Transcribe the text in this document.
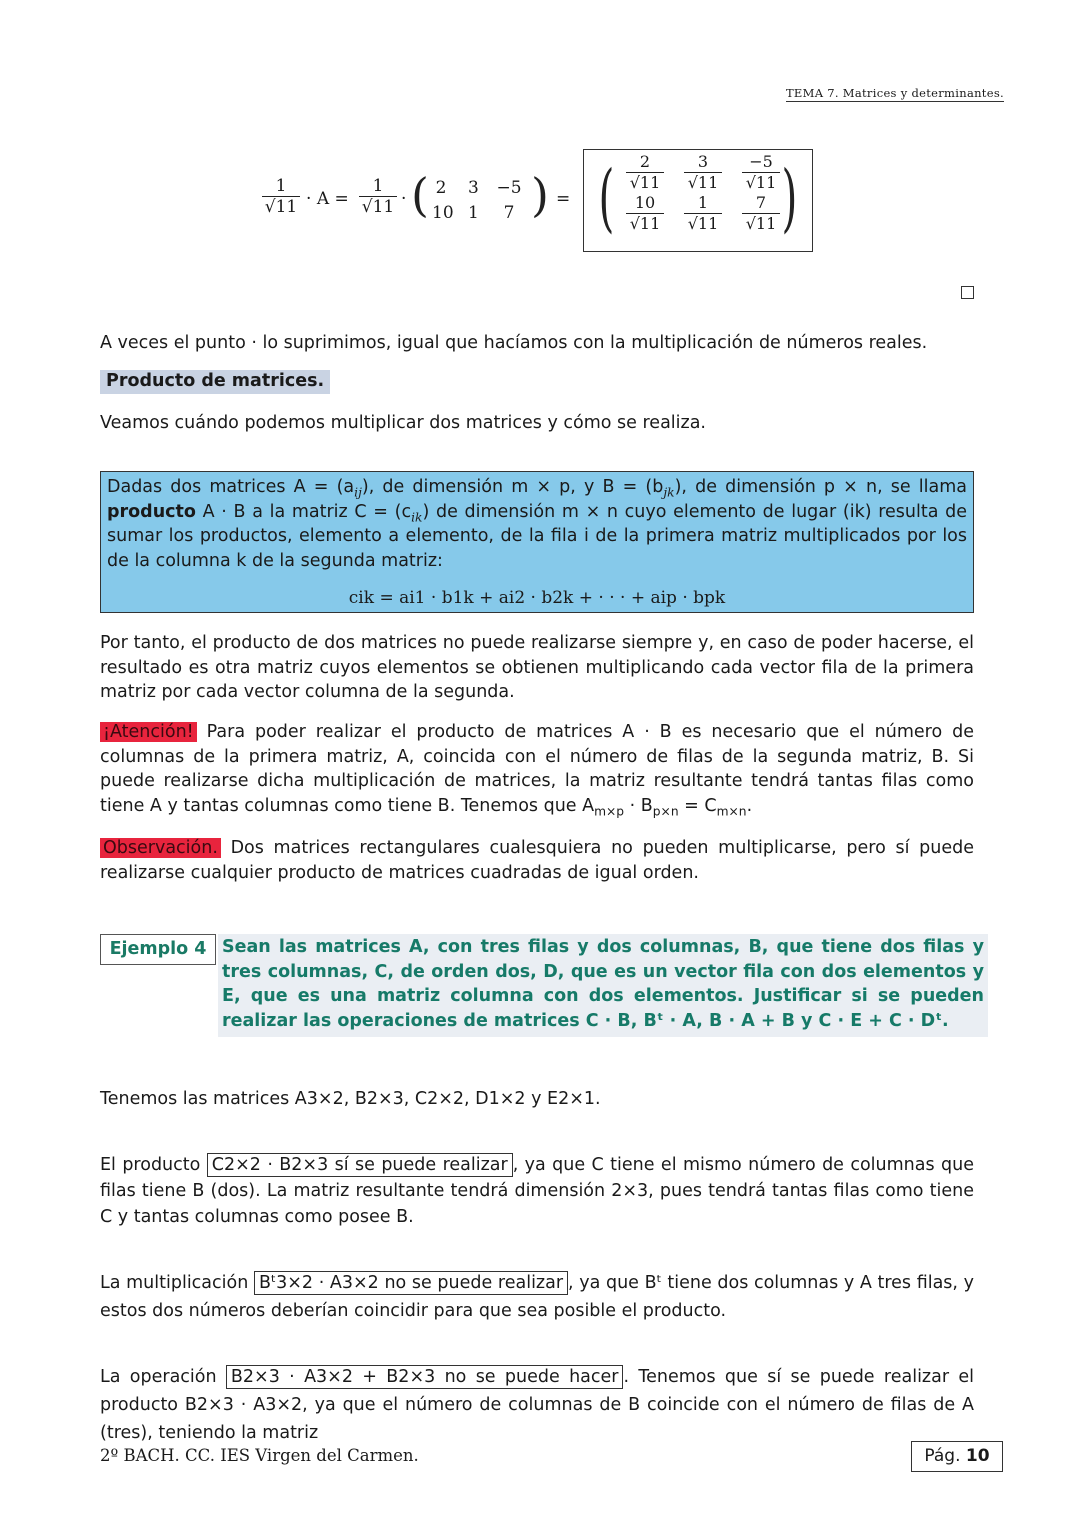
TEMA 7. Matrices y determinantes.
1
√11 · A =
1
√11 · ( 2 3 −5
10 1	7 ) = ( )
2
√11
10
√11
3
√11
1
√11
−5
√11
7
√11
A veces el punto · lo suprimimos, igual que hacíamos con la multiplicación de números reales.
Producto de matrices.
Veamos cuándo podemos multiplicar dos matrices y cómo se realiza.
Dadas dos matrices $A = (a_{ij})$, de dimensión m × p, y $B = (b_{jk})$, de dimensión p × n, se llama producto A · B a la matriz $C = (c_{ik})$ de dimensión m × n cuyo elemento de lugar (ik) resulta de sumar los productos, elemento a elemento, de la fila i de la primera matriz multiplicados por los de la columna k de la segunda matriz:
cik = ai1 · b1k + ai2 · b2k + · · · + aip · bpk
Por tanto, el producto de dos matrices no puede realizarse siempre y, en caso de poder hacerse, el resultado es otra matriz cuyos elementos se obtienen multiplicando cada vector fila de la primera matriz por cada vector columna de la segunda.
¡Atención! Para poder realizar el producto de matrices A · B es necesario que el número de columnas de la primera matriz, A, coincida con el número de filas de la segunda matriz, B. Si puede realizarse dicha multiplicación de matrices, la matriz resultante tendrá tantas filas como tiene A y tantas columnas como tiene B. Tenemos que $A_{m\times p} \cdot B_{p\times n} = C_{m\times n}$.
Observación. Dos matrices rectangulares cualesquiera no pueden multiplicarse, pero sí puede realizarse cualquier producto de matrices cuadradas de igual orden.
Ejemplo 4 Sean las matrices A, con tres filas y dos columnas, B, que tiene dos filas y tres columnas, C, de orden dos, D, que es un vector fila con dos elementos y E, que es una matriz columna con dos elementos. Justificar si se pueden realizar las operaciones de matrices C · B, Bᵗ · A, B · A + B y C · E + C · Dᵗ.
Tenemos las matrices A3×2, B2×3, C2×2, D1×2 y E2×1.
El producto C2×2 · B2×3 sí se puede realizar , ya que C tiene el mismo número de columnas que filas tiene B (dos). La matriz resultante tendrá dimensión 2×3, pues tendrá tantas filas como tiene C y tantas columnas como posee B.
La multiplicación Bᵗ3×2 · A3×2 no se puede realizar , ya que Bᵗ tiene dos columnas y A tres filas, y estos dos números deberían coincidir para que sea posible el producto.
La operación B2×3 · A3×2 + B2×3 no se puede hacer . Tenemos que sí se puede realizar el producto B2×3 · A3×2, ya que el número de columnas de B coincide con el número de filas de A (tres), teniendo la matriz
2º BACH. CC. IES Virgen del Carmen.	Pág. 10
